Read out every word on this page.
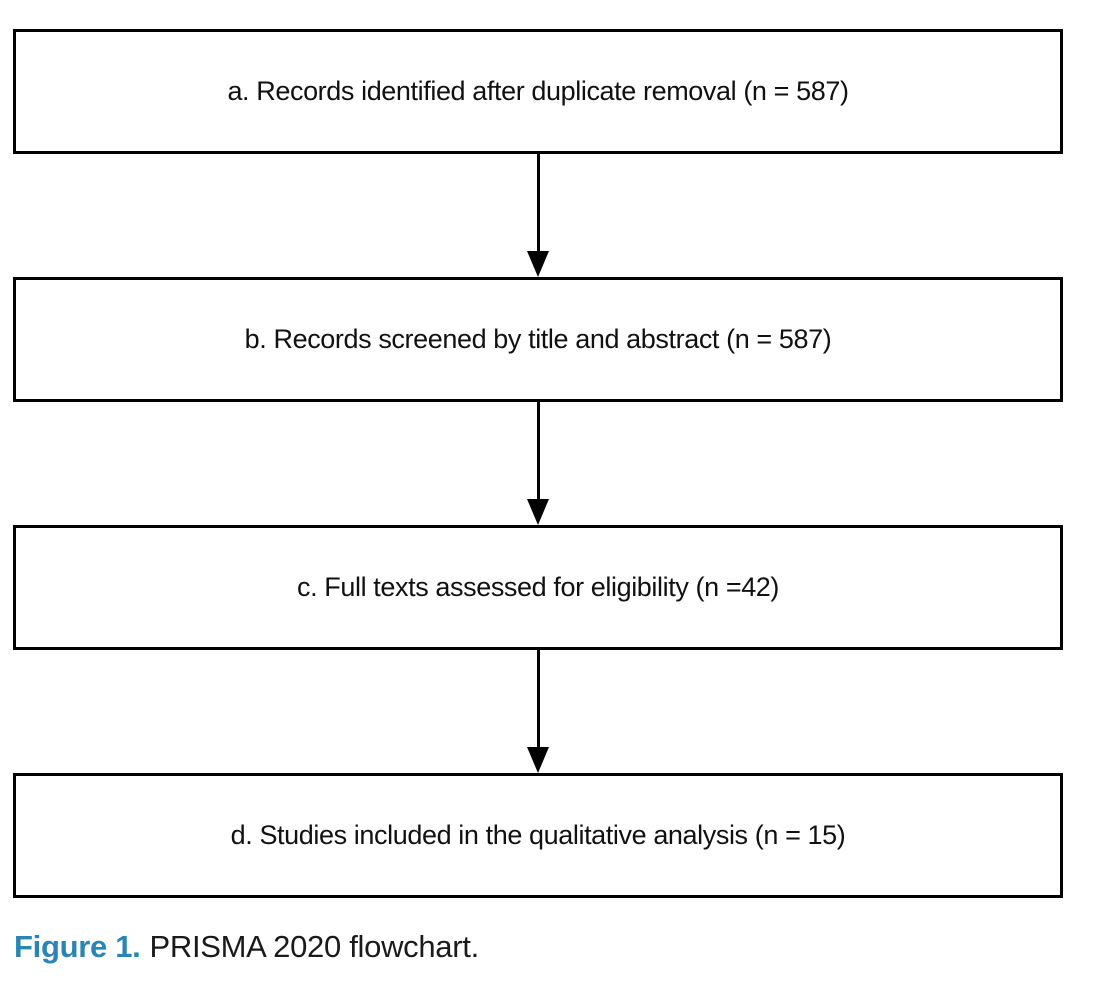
a. Records identified after duplicate removal (n = 587)
b. Records screened by title and abstract (n = 587)
c. Full texts assessed for eligibility (n =42)
d. Studies included in the qualitative analysis (n = 15)
Figure 1. PRISMA 2020 flowchart.
